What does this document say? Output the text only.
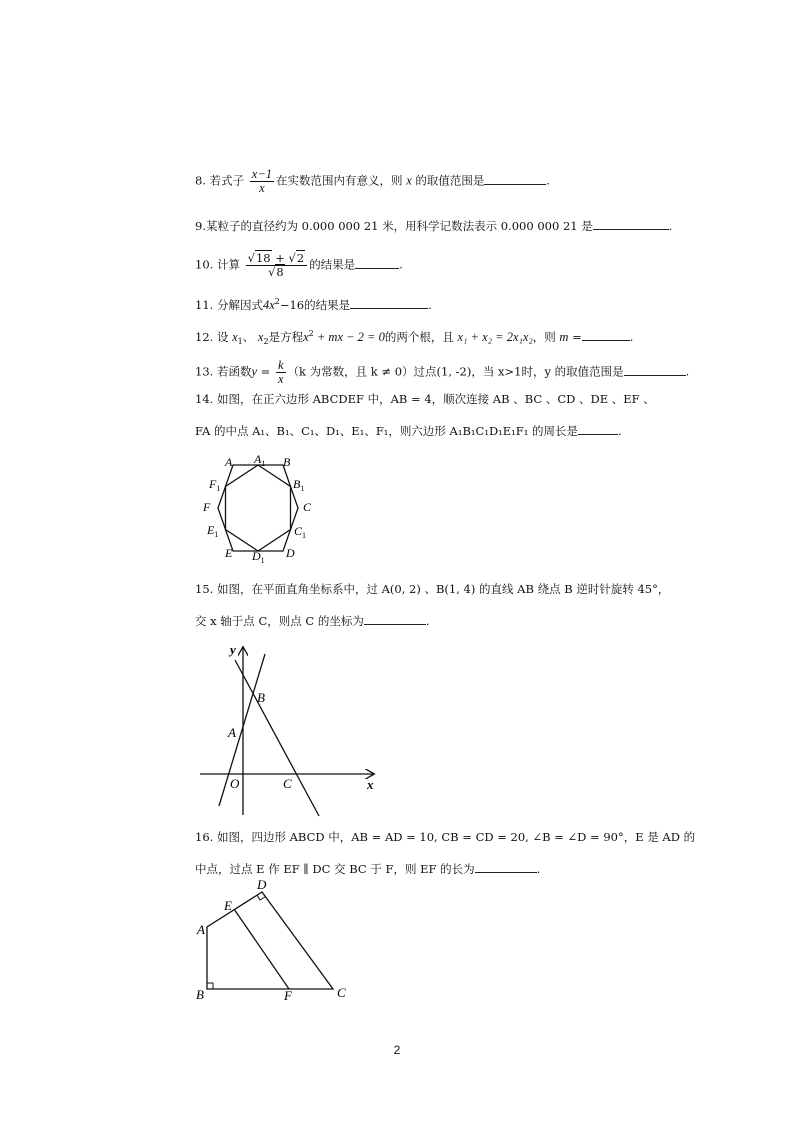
8. 若式子 $\frac{x-1}{x}$ 在实数范围内有意义，则 x 的取值范围是	.
9.某粒子的直径约为 0.000 000 21 米，用科学记数法表示 0.000 000 21 是	.
10. 计算 $\frac{√18 + √2}{√8}$ 的结果是	.
11. 分解因式$4x^2-16$的结果是	.
12. 设 $x_1$、 $x_2$是方程$x^2$ + mx − 2 = 0的两个根，且 x₁ + x₂ = 2x₁x₂，则 m =	.
13. 若函数$y = \frac{k}{x} (k$ 为常数，且 k ≠ 0）过点(1, -2)，当 x>1时，y 的取值范围是	.
14. 如图，在正六边形 ABCDEF 中，AB = 4，顺次连接 AB 、BC 、CD 、DE 、EF 、
FA 的中点 A₁、B₁、C₁、D₁、E₁、F₁，则六边形 A₁B₁C₁D₁E₁F₁ 的周长是	.
A $A_1$ B
$B_1$
C
$C_1$
D
$D_1$
E
$E_1$
F
$F_1$
15. 如图，在平面直角坐标系中，过 A(0, 2) 、B(1, 4) 的直线 AB 绕点 B 逆时针旋转 45°，
交 x 轴于点 C，则点 C 的坐标为	.
y
x
O
A
B
C
16. 如图，四边形 ABCD 中，AB = AD = 10, CB = CD = 20, ∠B = ∠D = 90°，E 是 AD 的
中点，过点 E 作 EF ∥ DC 交 BC 于 F，则 EF 的长为	.
A
B	C
D
E
F
2
